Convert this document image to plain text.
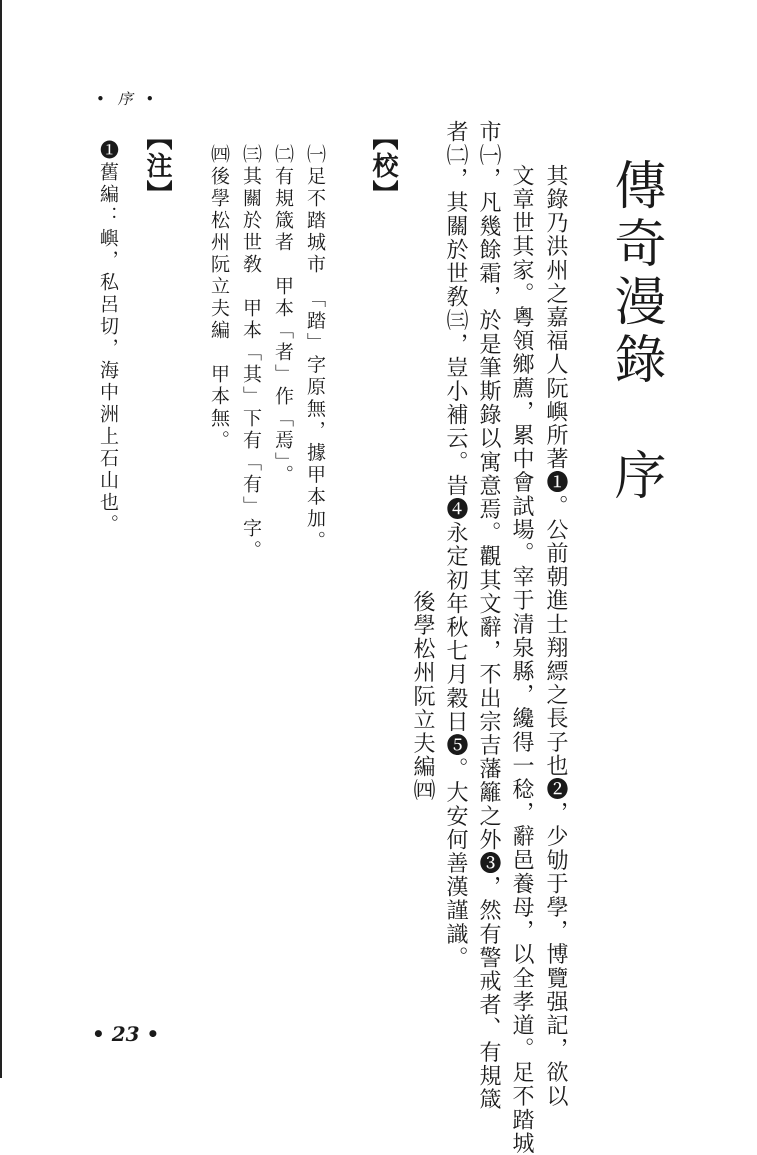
• 序 •
傳奇漫錄　序
其錄乃洪州之嘉福人阮嶼所著❶。公前朝進士翔縹之長子也❷，少劬于學，博覽强記，欲以
文章世其家。粵領鄉薦，累中會試場。宰于清泉縣，纔得一稔，辭邑養母，以全孝道。足不踏城
市㈠，凡幾餘霜，於是筆斯錄以寓意焉。觀其文辭，不出宗吉藩籬之外❸，然有警戒者、有規箴
者㈡，其關於世敎㈢，豈小補云。旹❹永定初年秋七月穀日❺。大安何善漢謹識。
　　　　　　　　　　　　　　　　　　　　　　　　　後學松州阮立夫編㈣
【校】
㈠足不踏城市　「踏」字原無，據甲本加。
㈡有規箴者　甲本「者」作「焉」。
㈢其關於世敎　甲本「其」下有「有」字。
㈣後學松州阮立夫編　甲本無。
【注】
❶舊編：嶼，私呂切，海中洲上石山也。
• 23 •
